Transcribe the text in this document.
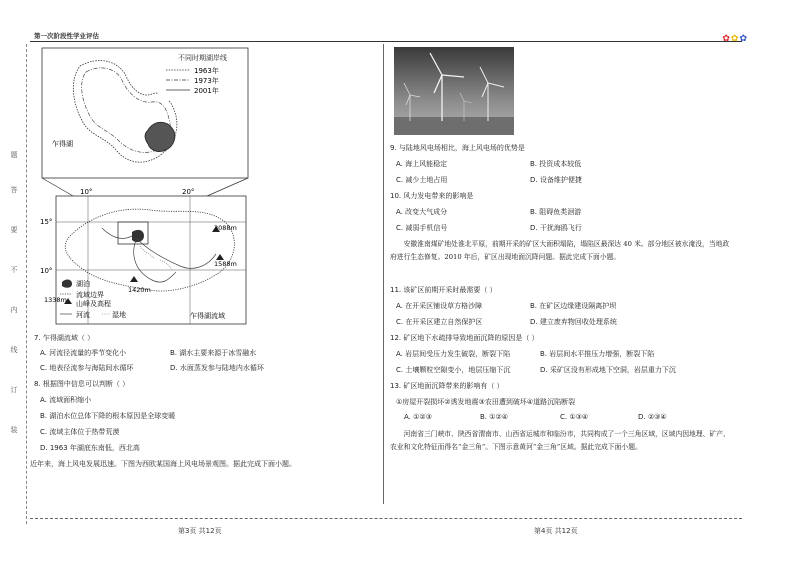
第一次阶段性学业评估	✿✿✿
题
答
要
不
内
线
订
装
不同时期湖岸线
1963年
1973年
2001年
乍得湖
10°	20°
15°
10°
3088m
1588m
1420m
湖泊
流域边界
1338m 山峰及高程
河流	湿地	乍得湖流域
7. 乍得湖流域（ ）
A. 河流径流量的季节变化小	B. 湖水主要来源于冰雪融水
C. 地表径流参与海陆间水循环	D. 水面蒸发参与陆地内水循环
8. 根据图中信息可以判断（ ）
A. 流域面积缩小
B. 湖泊水位总体下降的根本原因是全球变暖
C. 流域主体位于热带荒漠
D. 1963 年湖底东南低，西北高
近年来，海上风电发展迅速。下图为西欧某国海上风电场景观图。据此完成下面小题。
9. 与陆地风电场相比，海上风电场的优势是
A. 海上风能稳定	B. 投资成本较低
C. 减少土地占用	D. 设备维护便捷
10. 风力发电带来的影响是
A. 改变大气成分	B. 阻碍鱼类洄游
C. 减弱手机信号	D. 干扰海鸥飞行
安徽淮南煤矿地处淮北平原，前期开采的矿区大面积塌陷，塌陷区最深达 40 米。部分地区被水淹没，当地政府进行生态修复。2010 年后，矿区出现地面沉降问题。据此完成下面小题。
11. 该矿区前期开采时最需要（ ）
A. 在开采区铺设草方格沙障	B. 在矿区边缘建设隔离护坝
C. 在开采区建立自然保护区	D. 建立废弃物回收处理系统
12. 矿区地下水疏排导致地面沉降的原因是（ ）
A. 岩层间受压力发生破裂，断裂下陷	B. 岩层间水平推压力增强，断裂下陷
C. 土壤颗粒空隙变小，地层压缩下沉	D. 采矿区没有形成地下空洞，岩层重力下沉
13. 矿区地面沉降带来的影响有（ ）
①房屋开裂损坏②诱发地震③农田遭到破坏④道路沉陷断裂
A. ①②③	B. ①②④	C. ①③④	D. ②③④
河南省三门峡市、陕西省渭南市、山西省运城市和临汾市，共同构成了一个三角区域，区域内因地理、矿产、农业和文化特征而得名“金三角”。下图示意黄河“金三角”区域。据此完成下面小题。
第3页 共12页	第4页 共12页
